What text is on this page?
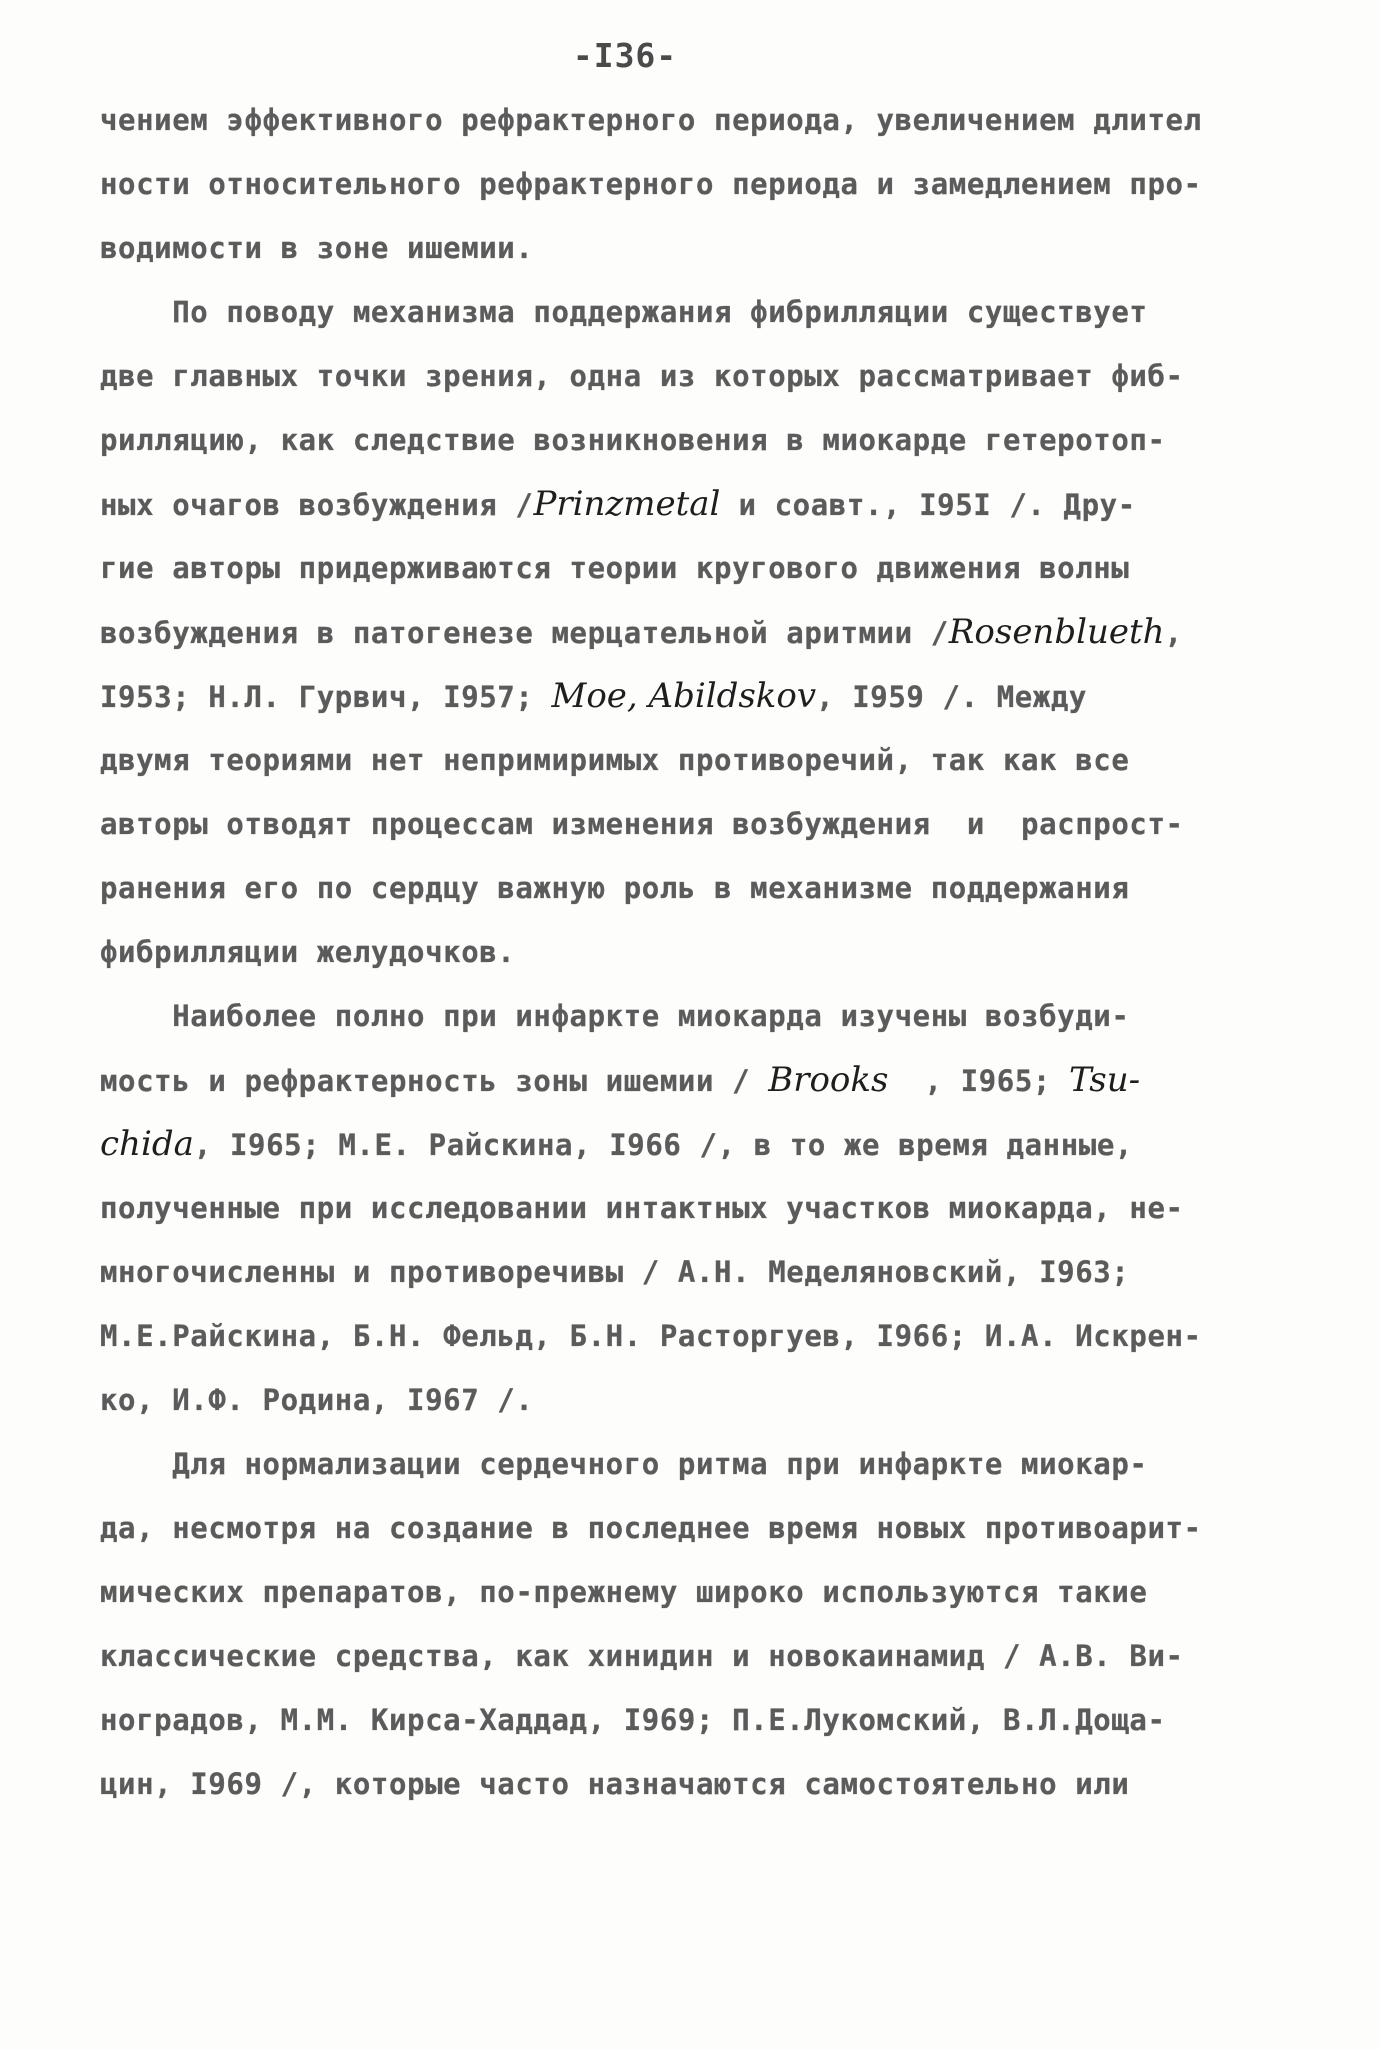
-I36-
чением эффективного рефрактерного периода, увеличением длител
ности относительного рефрактерного периода и замедлением про-
водимости в зоне ишемии.
По поводу механизма поддержания фибрилляции существует
две главных точки зрения, одна из которых рассматривает фиб-
рилляцию, как следствие возникновения в миокарде гетеротоп-
ных очагов возбуждения /Prinzmetal и соавт., I95I /. Дру-
гие авторы придерживаются теории кругового движения волны
возбуждения в патогенезе мерцательной аритмии /Rosenblueth,
I953; Н.Л. Гурвич, I957; Moe, Abildskov, I959 /. Между
двумя теориями нет непримиримых противоречий, так как все
авторы отводят процессам изменения возбуждения  и  распрост-
ранения его по сердцу важную роль в механизме поддержания
фибрилляции желудочков.
Наиболее полно при инфаркте миокарда изучены возбуди-
мость и рефрактерность зоны ишемии / Brooks  , I965; Tsu-
chida, I965; М.Е. Райскина, I966 /, в то же время данные,
полученные при исследовании интактных участков миокарда, не-
многочисленны и противоречивы / А.Н. Меделяновский, I963;
М.Е.Райскина, Б.Н. Фельд, Б.Н. Расторгуев, I966; И.А. Искрен-
ко, И.Ф. Родина, I967 /.
Для нормализации сердечного ритма при инфаркте миокар-
да, несмотря на создание в последнее время новых противоарит-
мических препаратов, по-прежнему широко используются такие
классические средства, как хинидин и новокаинамид / А.В. Ви-
ноградов, М.М. Кирса-Хаддад, I969; П.Е.Лукомский, В.Л.Доща-
цин, I969 /, которые часто назначаются самостоятельно или
